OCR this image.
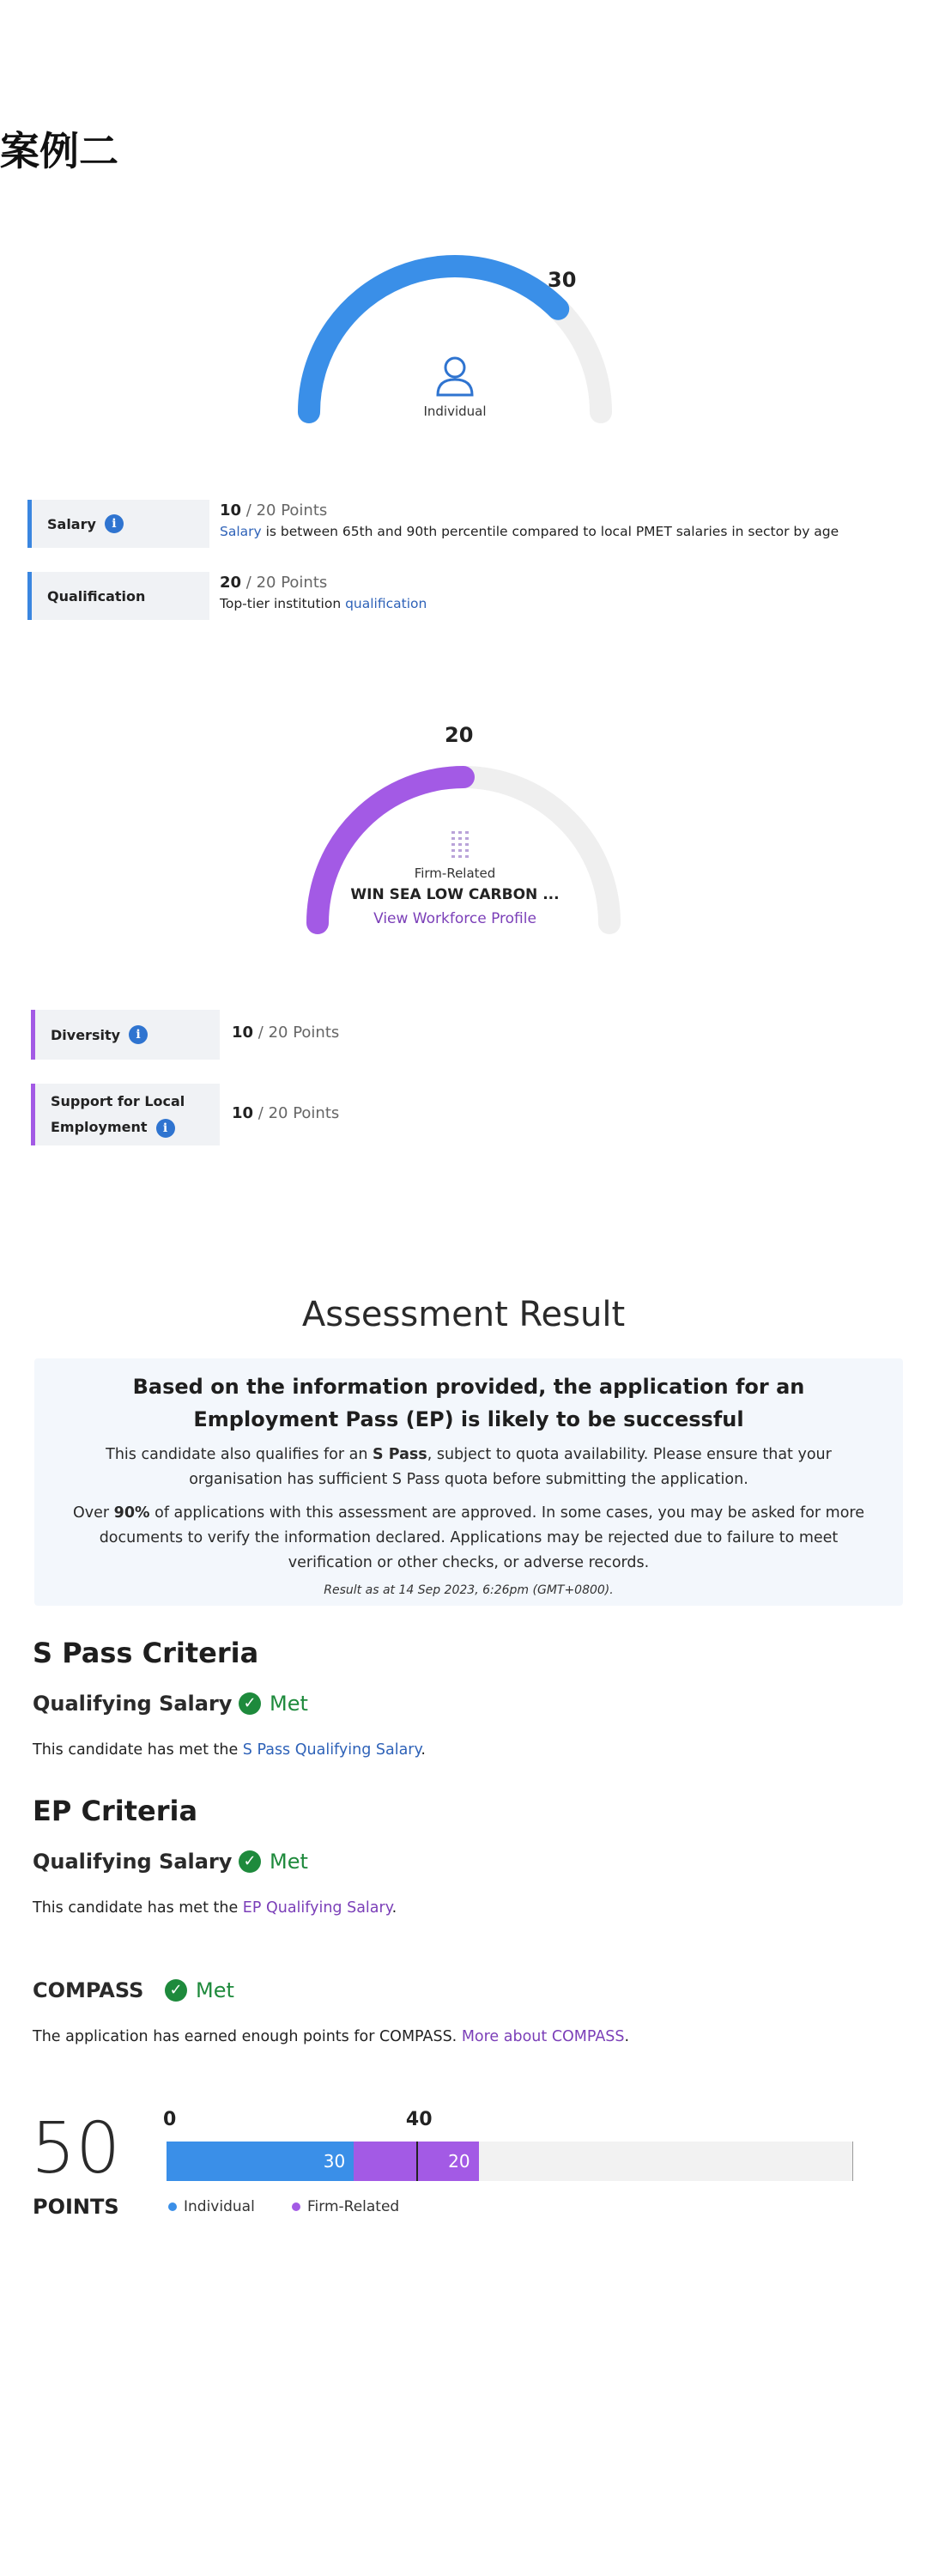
案例二
30
Individual
Salary	i
10 / 20 Points
Salary is between 65th and 90th percentile compared to local PMET salaries in sector by age
Qualification
20 / 20 Points
Top-tier institution qualification
20
Firm-Related
WIN SEA LOW CARBON ...
View Workforce Profile
Diversity	i	10 / 20 Points
Support for Local
Employment i
10 / 20 Points
Assessment Result
Based on the information provided, the application for an Employment Pass (EP) is likely to be successful
This candidate also qualifies for an S Pass, subject to quota availability. Please ensure that your organisation has sufficient S Pass quota before submitting the application.
Over 90% of applications with this assessment are approved. In some cases, you may be asked for more documents to verify the information declared. Applications may be rejected due to failure to meet verification or other checks, or adverse records.
Result as at 14 Sep 2023, 6:26pm (GMT+0800).
S Pass Criteria
Qualifying Salary ✓ Met
This candidate has met the S Pass Qualifying Salary.
EP Criteria
Qualifying Salary ✓ Met
This candidate has met the EP Qualifying Salary.
COMPASS	✓ Met
The application has earned enough points for COMPASS. More about COMPASS.
50
POINTS
0	40
30	20
Individual	Firm-Related
